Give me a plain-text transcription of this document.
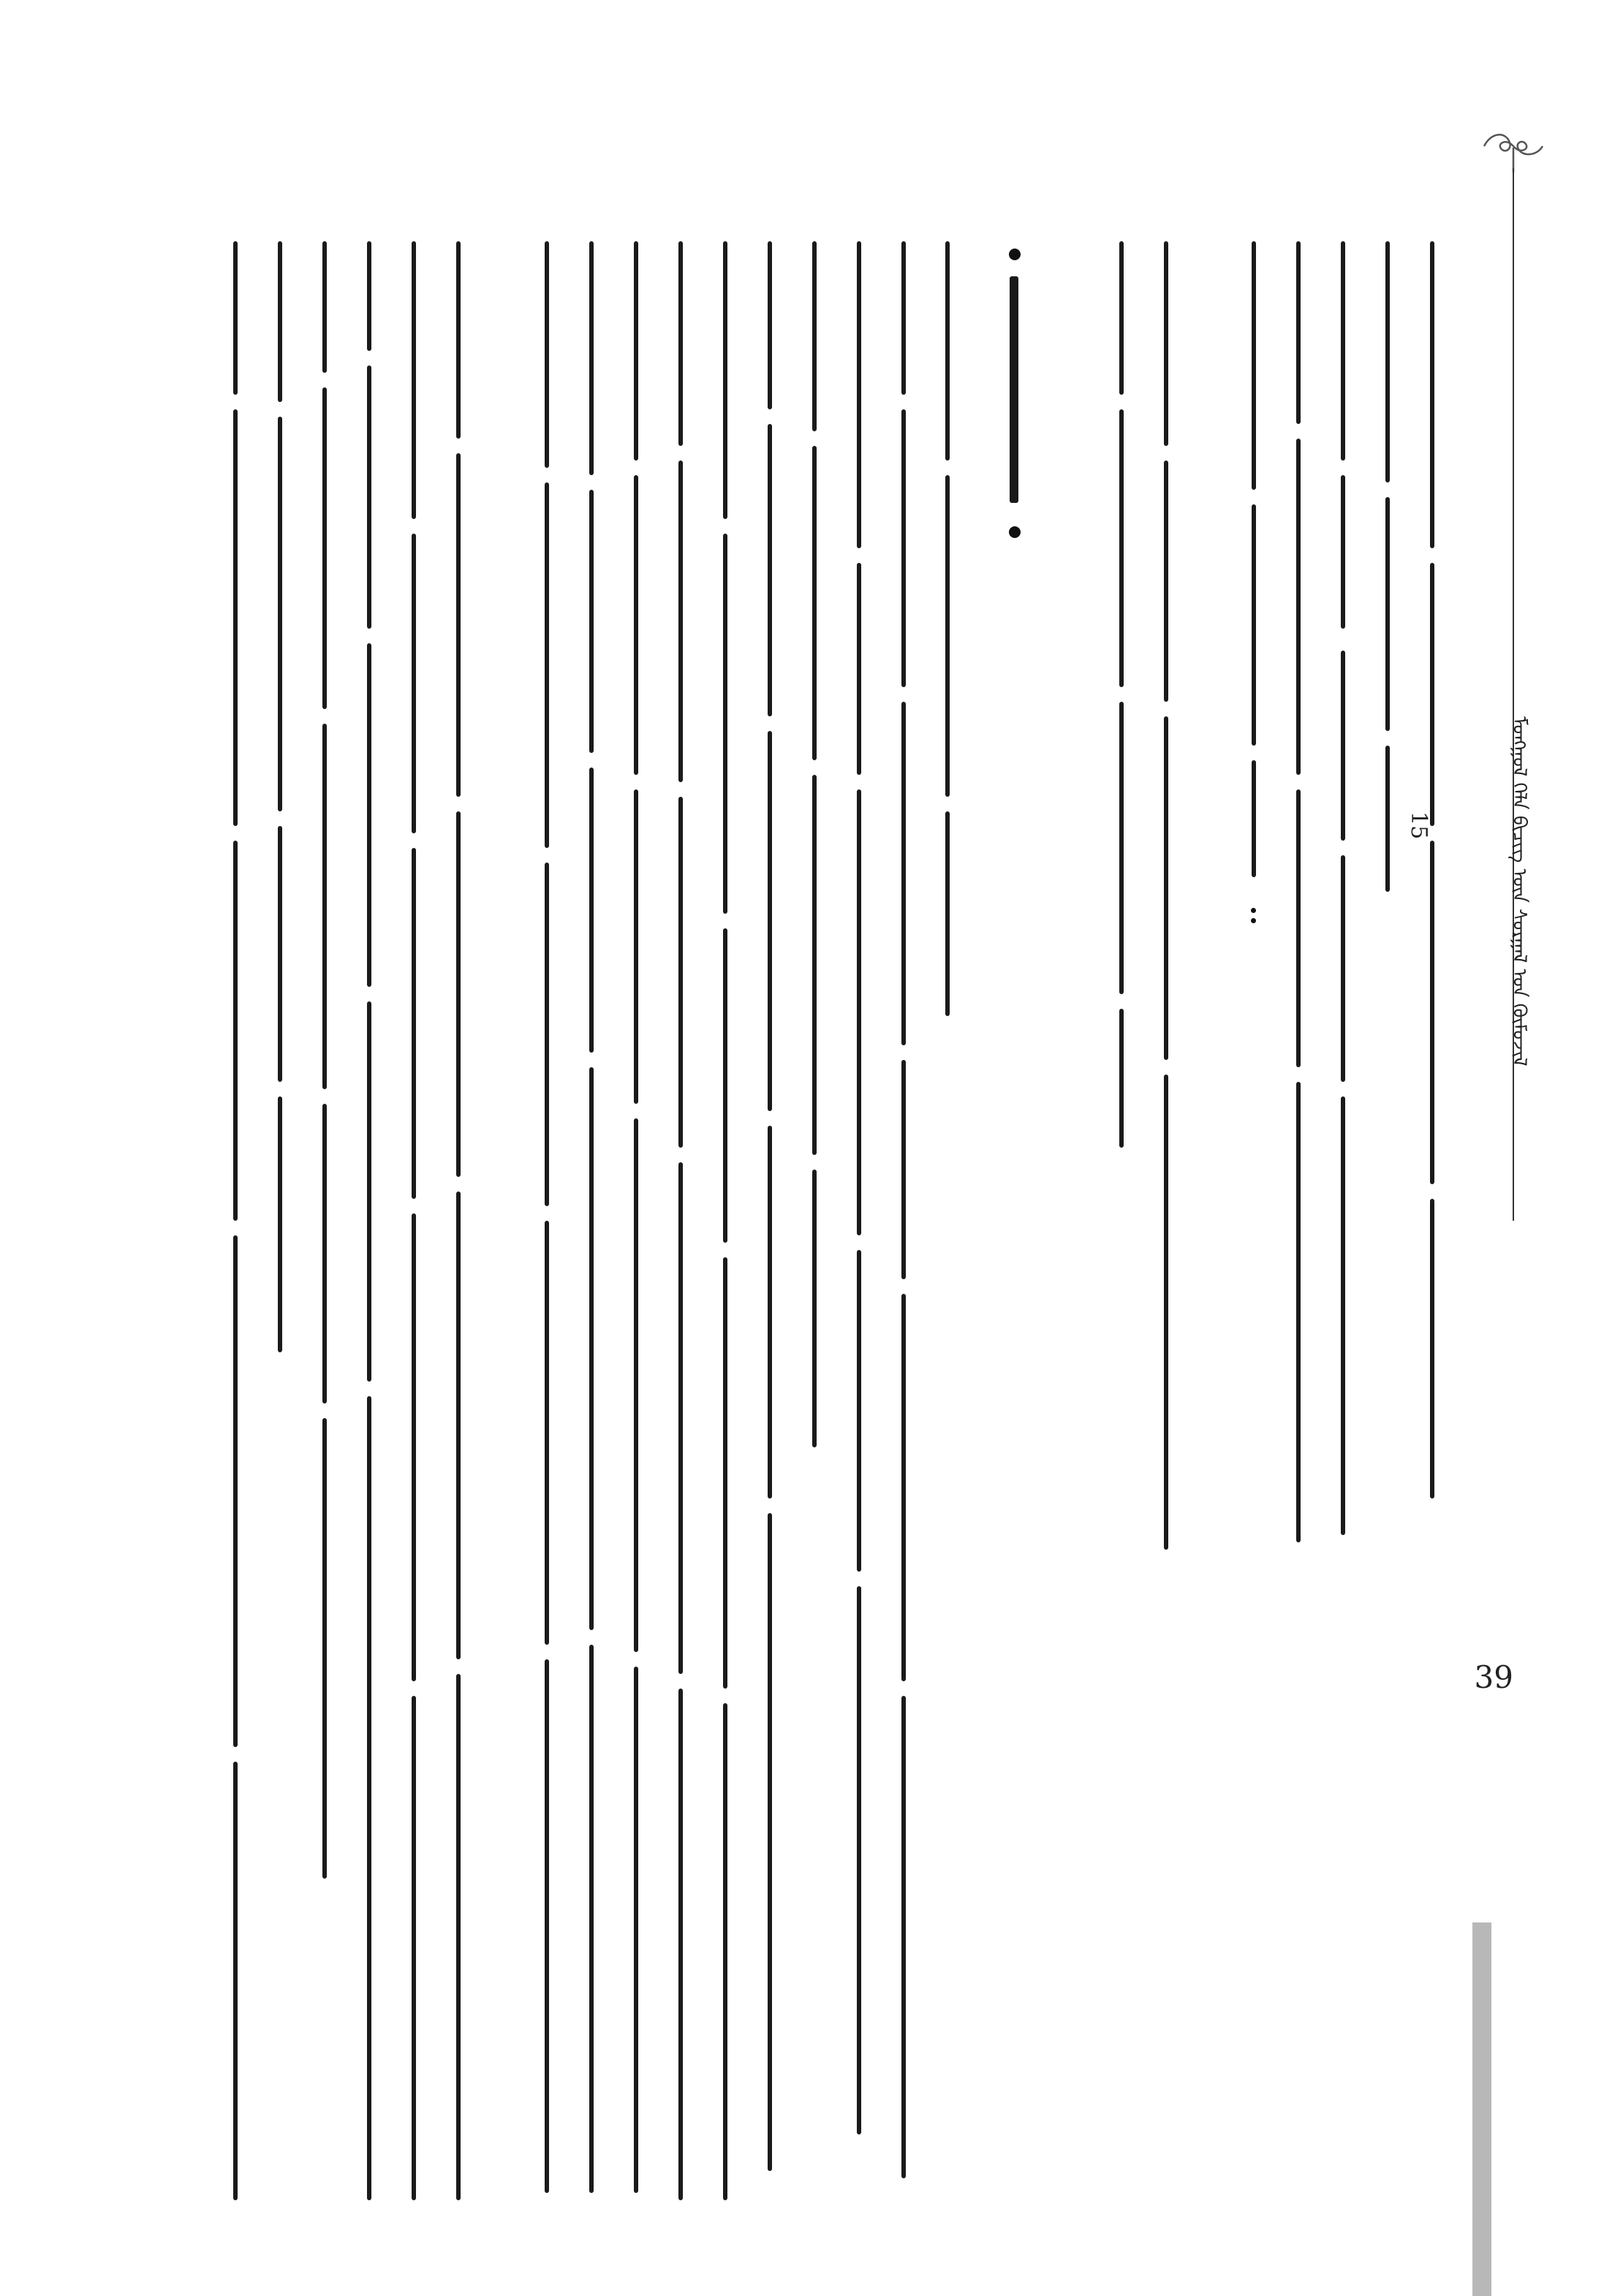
ᠮᠣᠩᠭᠣᠯ ᠬᠡᠯᠡ ᠪᠢᠴᠢᠭ ᠦᠨ ᠰᠤᠷᠭᠠᠯ ᠤᠨ ᠬᠦᠮᠦᠵᠢᠯ
15
39
